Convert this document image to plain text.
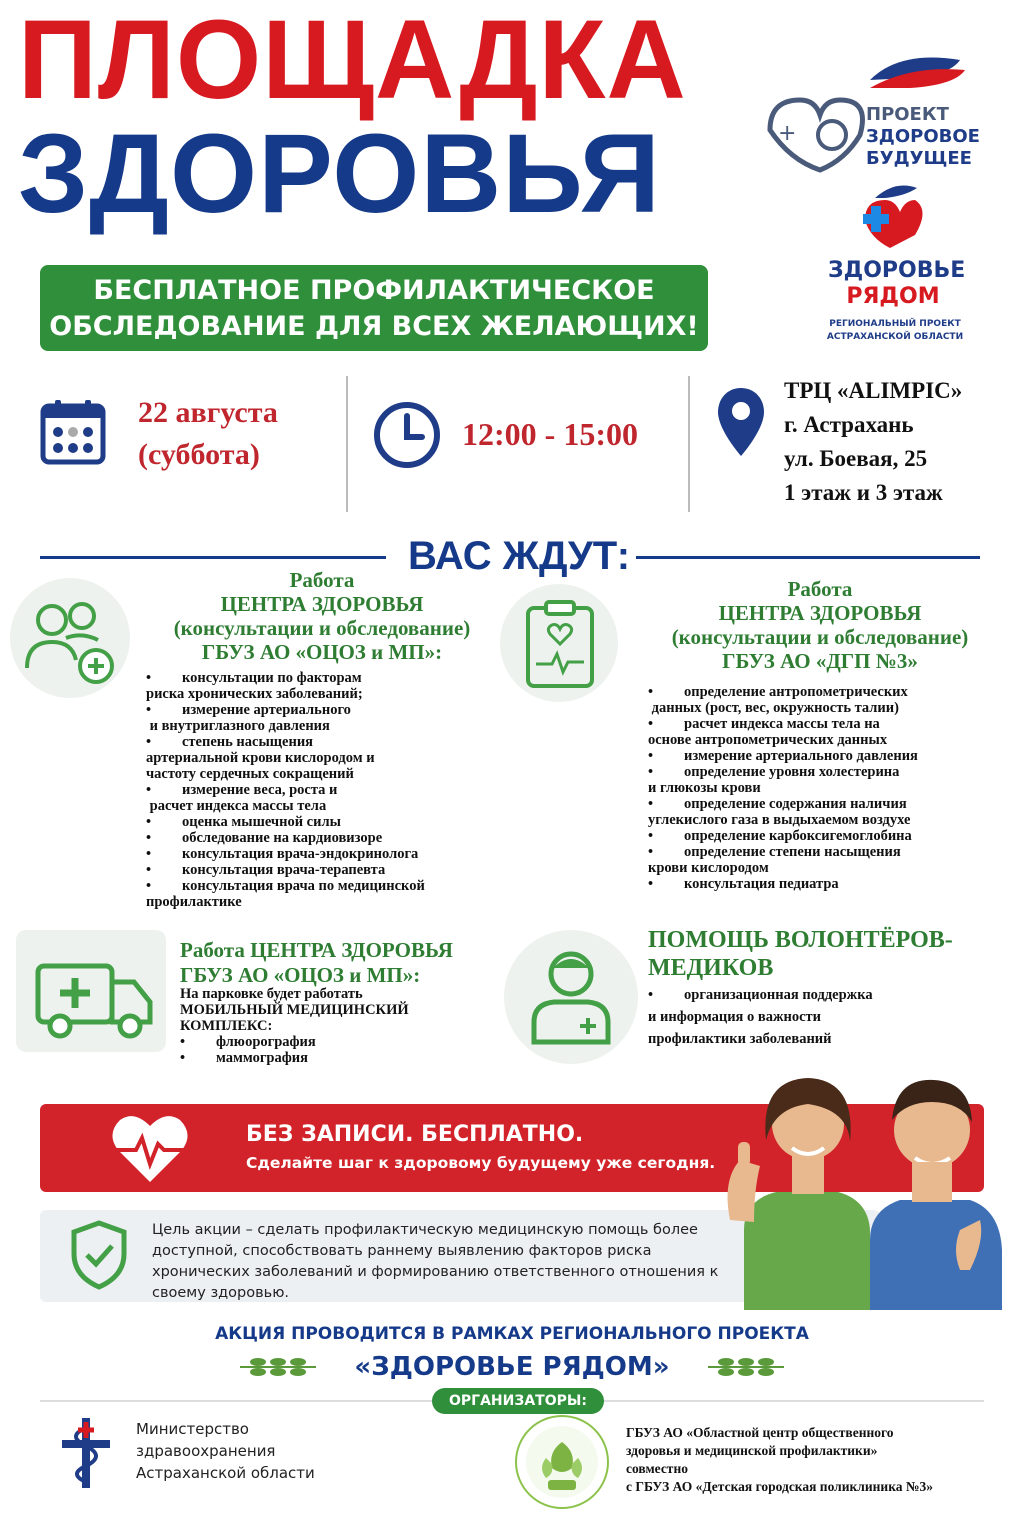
ПЛОЩАДКА
ЗДОРОВЬЯ
БЕСПЛАТНОЕ ПРОФИЛАКТИЧЕСКОЕ
ОБСЛЕДОВАНИЕ ДЛЯ ВСЕХ ЖЕЛАЮЩИХ!
+
ПРОЕКТ
ЗДОРОВОЕ
БУДУЩЕЕ
ЗДОРОВЬЕ
РЯДОМ
РЕГИОНАЛЬНЫЙ ПРОЕКТ АСТРАХАНСКОЙ ОБЛАСТИ
22 августа
(суббота)
12:00 - 15:00
ТРЦ «ALIMPIC»
г. Астрахань
ул. Боевая, 25
1 этаж и 3 этаж
ВАС ЖДУТ:
Работа
ЦЕНТРА ЗДОРОВЬЯ
(консультации и обследование)
ГБУЗ АО «ОЦОЗ и МП»:
• консультации по факторам
риска хронических заболеваний;
• измерение артериального
и внутриглазного давления
• степень насыщения
артериальной крови кислородом и
частоту сердечных сокращений
• измерение веса, роста и
расчет индекса массы тела
• оценка мышечной силы
• обследование на кардиовизоре
• консультация врача-эндокринолога
• консультация врача-терапевта
• консультация врача по медицинской
профилактике
Работа
ЦЕНТРА ЗДОРОВЬЯ
(консультации и обследование)
ГБУЗ АО «ДГП №3»
• определение антропометрических
данных (рост, вес, окружность талии)
• расчет индекса массы тела на
основе антропометрических данных
• измерение артериального давления
• определение уровня холестерина
и глюкозы крови
• определение содержания наличия
углекислого газа в выдыхаемом воздухе
• определение карбоксигемоглобина
• определение степени насыщения
крови кислородом
• консультация педиатра
Работа ЦЕНТРА ЗДОРОВЬЯ
ГБУЗ АО «ОЦОЗ и МП»:
На парковке будет работать
МОБИЛЬНЫЙ МЕДИЦИНСКИЙ
КОМПЛЕКС:
• флюорография
• маммография
ПОМОЩЬ ВОЛОНТЁРОВ-
МЕДИКОВ
• организационная поддержка
и информация о важности
профилактики заболеваний
БЕЗ ЗАПИСИ. БЕСПЛАТНО.
Сделайте шаг к здоровому будущему уже сегодня.
Цель акции – сделать профилактическую медицинскую помощь более доступной, способствовать раннему выявлению факторов риска хронических заболеваний и формированию ответственного отношения к своему здоровью.
АКЦИЯ ПРОВОДИТСЯ В РАМКАХ РЕГИОНАЛЬНОГО ПРОЕКТА
«ЗДОРОВЬЕ РЯДОМ»
ОРГАНИЗАТОРЫ:
Министерство
здравоохранения
Астраханской области
ГБУЗ АО «Областной центр общественного
здоровья и медицинской профилактики»
совместно
с ГБУЗ АО «Детская городская поликлиника №3»
